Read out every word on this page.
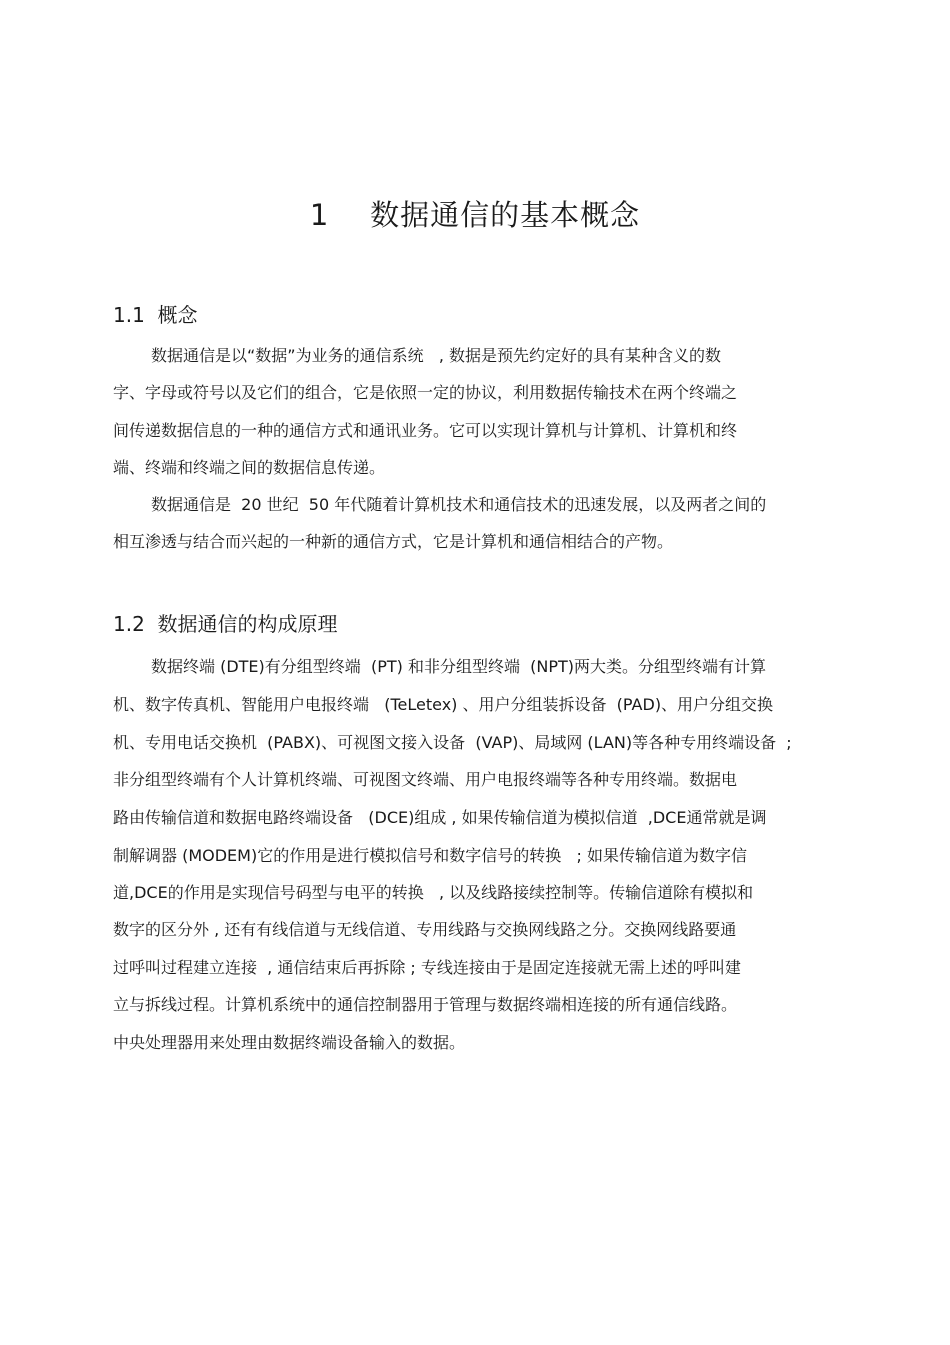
1    数据通信的基本概念
1.1  概念
数据通信是以“数据”为业务的通信系统   , 数据是预先约定好的具有某种含义的数
字、字母或符号以及它们的组合，它是依照一定的协议，利用数据传输技术在两个终端之
间传递数据信息的一种的通信方式和通讯业务。它可以实现计算机与计算机、计算机和终
端、终端和终端之间的数据信息传递。
数据通信是  20 世纪  50 年代随着计算机技术和通信技术的迅速发展，以及两者之间的
相互渗透与结合而兴起的一种新的通信方式，它是计算机和通信相结合的产物。
1.2  数据通信的构成原理
数据终端 (DTE)有分组型终端  (PT) 和非分组型终端  (NPT)两大类。分组型终端有计算
机、数字传真机、智能用户电报终端   (TeLetex) 、用户分组装拆设备  (PAD)、用户分组交换
机、专用电话交换机  (PABX)、可视图文接入设备  (VAP)、局域网 (LAN)等各种专用终端设备  ;
非分组型终端有个人计算机终端、可视图文终端、用户电报终端等各种专用终端。数据电
路由传输信道和数据电路终端设备   (DCE)组成 , 如果传输信道为模拟信道  ,DCE通常就是调
制解调器 (MODEM)它的作用是进行模拟信号和数字信号的转换   ; 如果传输信道为数字信
道,DCE的作用是实现信号码型与电平的转换   , 以及线路接续控制等。传输信道除有模拟和
数字的区分外 , 还有有线信道与无线信道、专用线路与交换网线路之分。交换网线路要通
过呼叫过程建立连接  , 通信结束后再拆除 ; 专线连接由于是固定连接就无需上述的呼叫建
立与拆线过程。计算机系统中的通信控制器用于管理与数据终端相连接的所有通信线路。
中央处理器用来处理由数据终端设备输入的数据。
